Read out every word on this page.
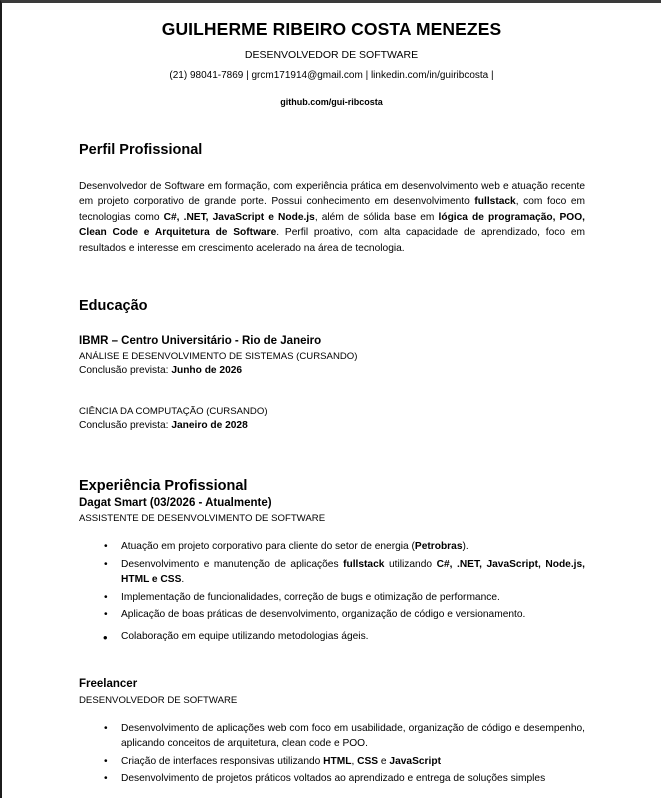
GUILHERME RIBEIRO COSTA MENEZES
DESENVOLVEDOR DE SOFTWARE
(21) 98041-7869 | grcm171914@gmail.com | linkedin.com/in/guiribcosta |
github.com/gui-ribcosta
Perfil Profissional
Desenvolvedor de Software em formação, com experiência prática em desenvolvimento web e atuação recente em projeto corporativo de grande porte. Possui conhecimento em desenvolvimento fullstack, com foco em tecnologias como C#, .NET, JavaScript e Node.js, além de sólida base em lógica de programação, POO, Clean Code e Arquitetura de Software. Perfil proativo, com alta capacidade de aprendizado, foco em resultados e interesse em crescimento acelerado na área de tecnologia.
Educação
IBMR – Centro Universitário - Rio de Janeiro
ANÁLISE E DESENVOLVIMENTO DE SISTEMAS (CURSANDO)
Conclusão prevista: Junho de 2026
CIÊNCIA DA COMPUTAÇÃO (CURSANDO)
Conclusão prevista: Janeiro de 2028
Experiência Profissional
Dagat Smart (03/2026 - Atualmente)
ASSISTENTE DE DESENVOLVIMENTO DE SOFTWARE
• Atuação em projeto corporativo para cliente do setor de energia (Petrobras).
• Desenvolvimento e manutenção de aplicações fullstack utilizando C#, .NET, JavaScript, Node.js, HTML e CSS.
• Implementação de funcionalidades, correção de bugs e otimização de performance.
• Aplicação de boas práticas de desenvolvimento, organização de código e versionamento.
• Colaboração em equipe utilizando metodologias ágeis.
Freelancer
DESENVOLVEDOR DE SOFTWARE
• Desenvolvimento de aplicações web com foco em usabilidade, organização de código e desempenho, aplicando conceitos de arquitetura, clean code e POO.
• Criação de interfaces responsivas utilizando HTML, CSS e JavaScript
• Desenvolvimento de projetos práticos voltados ao aprendizado e entrega de soluções simples
